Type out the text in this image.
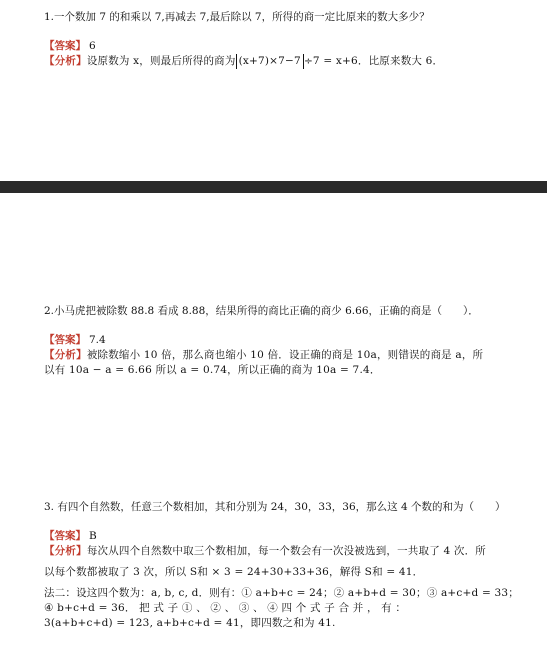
1.一个数加 7 的和乘以 7,再减去 7,最后除以 7，所得的商一定比原来的数大多少？
【答案】 6
【分析】设原数为 x，则最后所得的商为 (x+7)×7−7 ÷7 = x+6．比原来数大 6．
2.小马虎把被除数 88.8 看成 8.88，结果所得的商比正确的商少 6.66，正确的商是（　　）．
【答案】 7.4
【分析】被除数缩小 10 倍，那么商也缩小 10 倍．设正确的商是 10a，则错误的商是 a，所
以有 10a − a = 6.66 所以 a = 0.74，所以正确的商为 10a = 7.4．
3. 有四个自然数，任意三个数相加，其和分别为 24，30，33，36，那么这 4 个数的和为（　　）
【答案】 B
【分析】每次从四个自然数中取三个数相加，每一个数会有一次没被选到，一共取了 4 次．所
以每个数都被取了 3 次，所以 S和 × 3 = 24+30+33+36，解得 S和 = 41．
法二：设这四个数为：a, b, c, d．则有：① a+b+c = 24；② a+b+d = 30；③ a+c+d = 33；
④ b+c+d = 36． 把 式 子 ① 、 ② 、 ③ 、 ④ 四 个 式 子 合 并 ， 有 ：
3(a+b+c+d) = 123, a+b+c+d = 41，即四数之和为 41.
